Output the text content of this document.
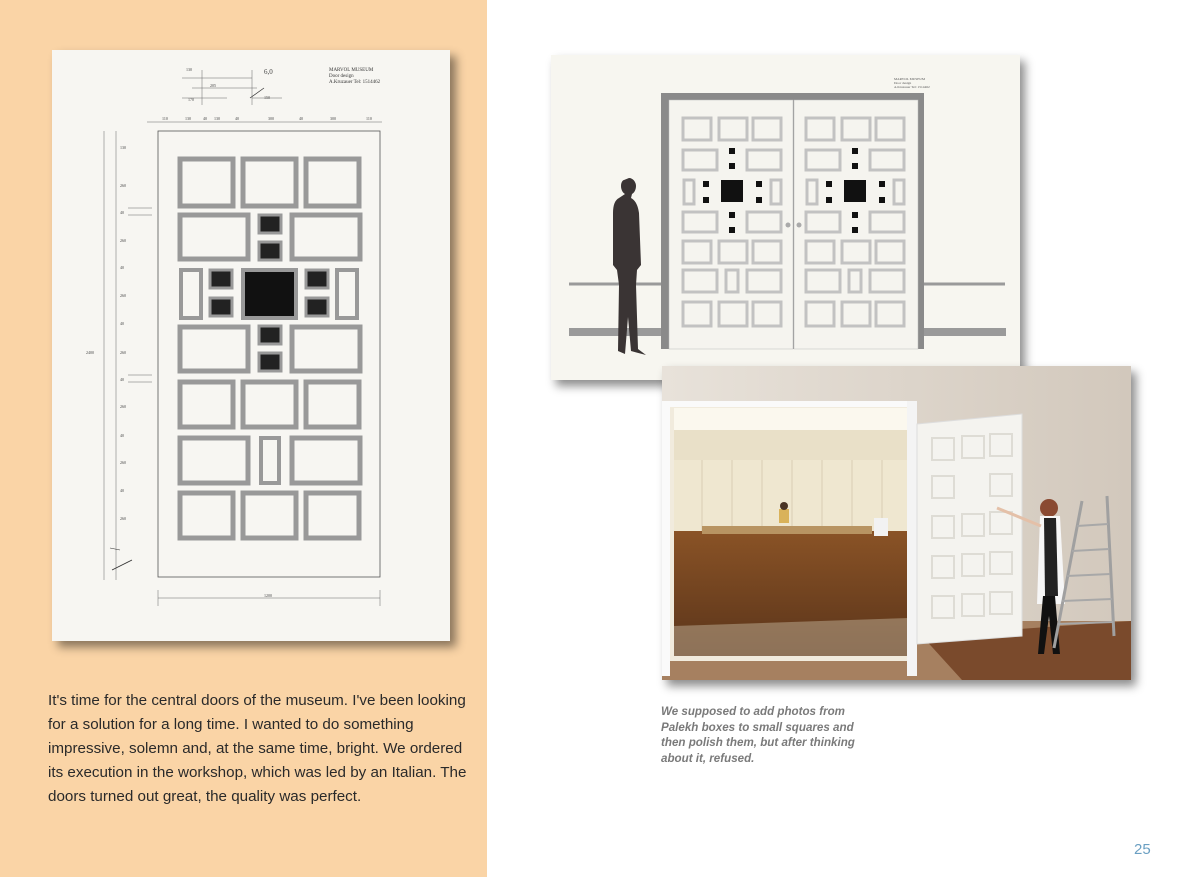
MARVOL MUSEUM
Door design
A.Kruzauer Tel: 1514462
6,0
130
205
170	150
110	130	40 130	40	300	40	300	110
130
260
40
260
40
260
40
260
40
260
40
260
40
260
2400
1200

It's time for the central doors of the museum. I've been looking for a solution for a long time. I wanted to do something impressive, solemn and, at the same time, bright. We ordered its execution in the workshop, which was led by an Italian. The doors turned out great, the quality was perfect.

MARVOL MUSEUM
Door design
A.Kruzauer Tel: 1514462

We supposed to add photos from Palekh boxes to small squares and then polish them, but after thinking about it, refused.

25
